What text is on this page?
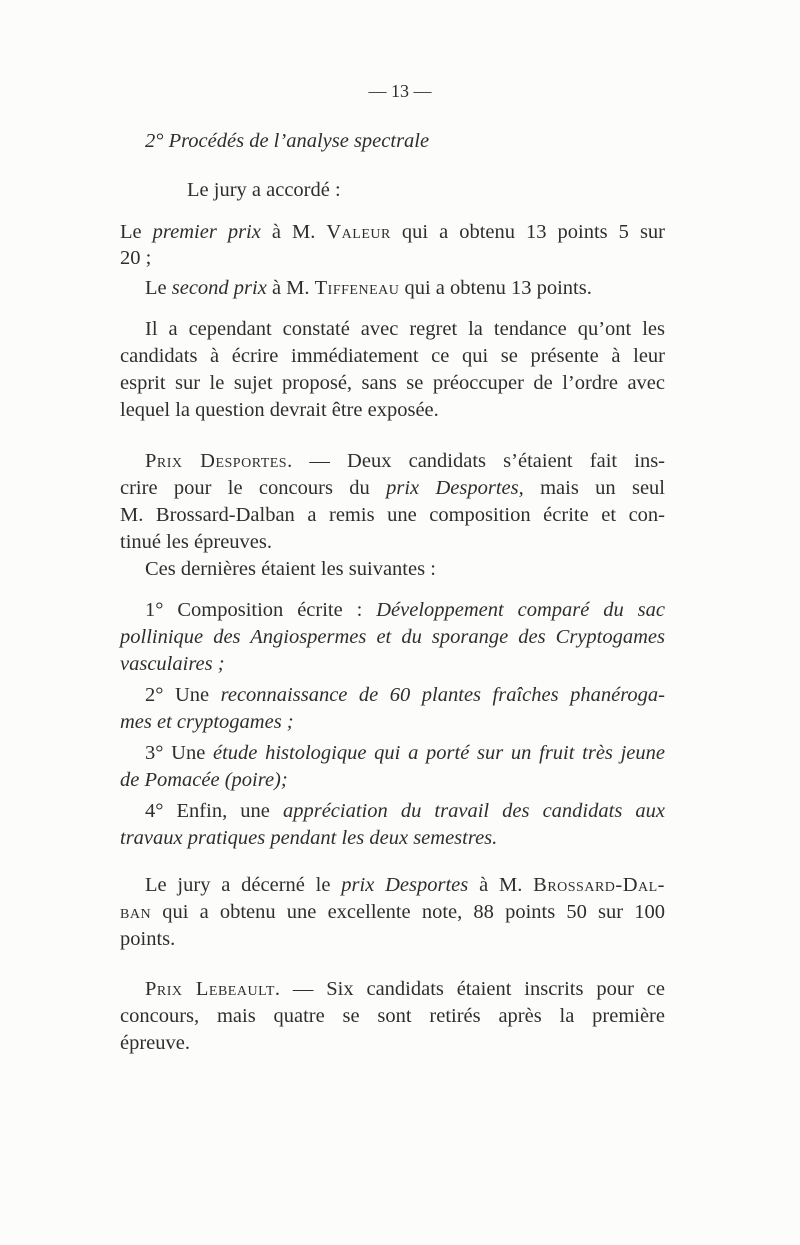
— 13 —
2° Procédés de l’analyse spectrale
Le jury a accordé :
Le premier prix à M. Valeur qui a obtenu 13 points 5 sur
20 ;
Le second prix à M. Tiffeneau qui a obtenu 13 points.
Il a cependant constaté avec regret la tendance qu’ont les
candidats à écrire immédiatement ce qui se présente à leur
esprit sur le sujet proposé, sans se préoccuper de l’ordre avec
lequel la question devrait être exposée.
Prix Desportes. — Deux candidats s’étaient fait ins-
crire pour le concours du prix Desportes, mais un seul
M. Brossard-Dalban a remis une composition écrite et con-
tinué les épreuves.
Ces dernières étaient les suivantes :
1° Composition écrite : Développement comparé du sac
pollinique des Angiospermes et du sporange des Cryptogames
vasculaires ;
2° Une reconnaissance de 60 plantes fraîches phanéroga-
mes et cryptogames ;
3° Une étude histologique qui a porté sur un fruit très jeune
de Pomacée (poire);
4° Enfin, une appréciation du travail des candidats aux
travaux pratiques pendant les deux semestres.
Le jury a décerné le prix Desportes à M. Brossard-Dal-
ban qui a obtenu une excellente note, 88 points 50 sur 100
points.
Prix Lebeault. — Six candidats étaient inscrits pour ce
concours, mais quatre se sont retirés après la première
épreuve.
